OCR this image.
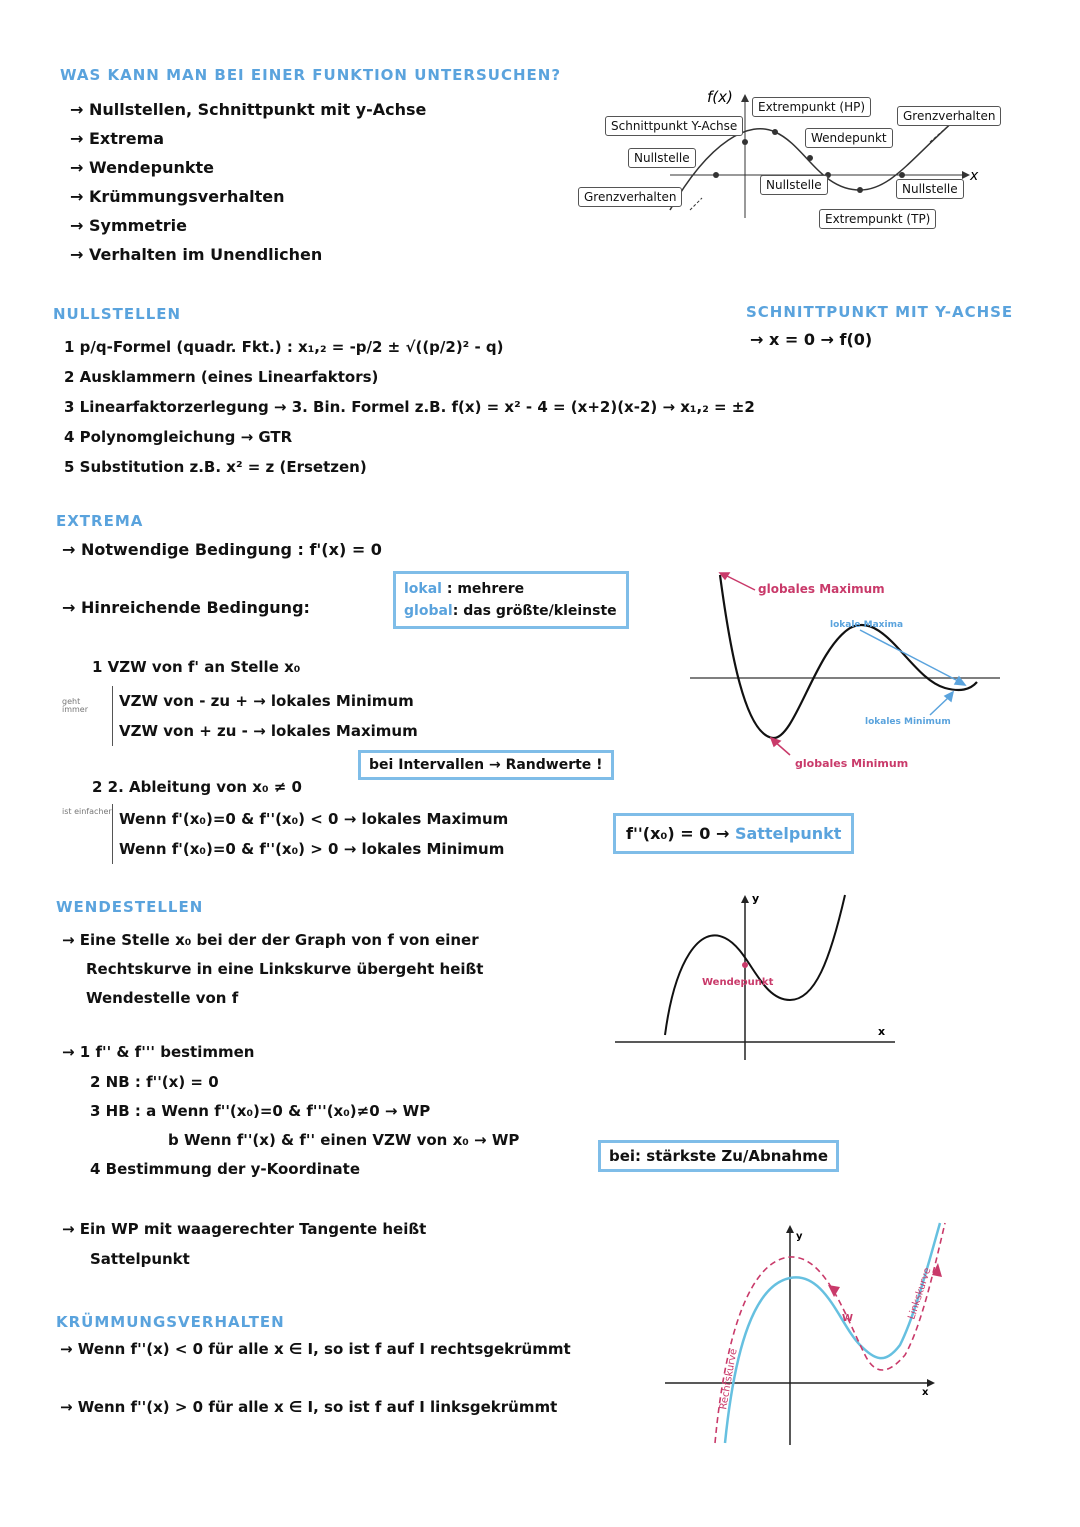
WAS KANN MAN BEI EINER FUNKTION UNTERSUCHEN?
→ Nullstellen, Schnittpunkt mit y-Achse
→ Extrema
→ Wendepunkte
→ Krümmungsverhalten
→ Symmetrie
→ Verhalten im Unendlichen
f(x)
x
Extrempunkt (HP)
Grenzverhalten
Schnittpunkt Y-Achse
Wendepunkt
Nullstelle
Nullstelle	Nullstelle
Grenzverhalten
Extrempunkt (TP)
NULLSTELLEN
1 p/q-Formel (quadr. Fkt.) : x₁,₂ = -p/2 ± √((p/2)² - q)
2 Ausklammern (eines Linearfaktors)
3 Linearfaktorzerlegung → 3. Bin. Formel z.B. f(x) = x² - 4 = (x+2)(x-2) → x₁,₂ = ±2
4 Polynomgleichung → GTR
5 Substitution z.B. x² = z (Ersetzen)
SCHNITTPUNKT MIT Y-ACHSE
→ x = 0 → f(0)
EXTREMA
→ Notwendige Bedingung : f'(x) = 0
→ Hinreichende Bedingung:
lokal : mehrere
global: das größte/kleinste
1 VZW von f' an Stelle x₀
geht immer	VZW von - zu + → lokales Minimum
VZW von + zu - → lokales Maximum
bei Intervallen → Randwerte !
2 2. Ableitung von x₀ ≠ 0
ist einfacher Wenn f'(x₀)=0 & f''(x₀) < 0 → lokales Maximum
Wenn f'(x₀)=0 & f''(x₀) > 0 → lokales Minimum
f''(x₀) = 0 → Sattelpunkt
globales Maximum
lokale Maxima
lokales Minimum
globales Minimum
WENDESTELLEN
→ Eine Stelle x₀ bei der der Graph von f von einer
Rechtskurve in eine Linkskurve übergeht heißt
Wendestelle von f
→ 1 f'' & f''' bestimmen
2 NB : f''(x) = 0
3 HB : a Wenn f''(x₀)=0 & f'''(x₀)≠0 → WP
b Wenn f''(x) & f'' einen VZW von x₀ → WP
4 Bestimmung der y-Koordinate
→ Ein WP mit waagerechter Tangente heißt
Sattelpunkt
bei: stärkste Zu/Abnahme
y
x
Wendepunkt
KRÜMMUNGSVERHALTEN
→ Wenn f''(x) < 0 für alle x ∈ I, so ist f auf I rechtsgekrümmt
→ Wenn f''(x) > 0 für alle x ∈ I, so ist f auf I linksgekrümmt
y
x
W
Rechtskurve
Linkskurve
